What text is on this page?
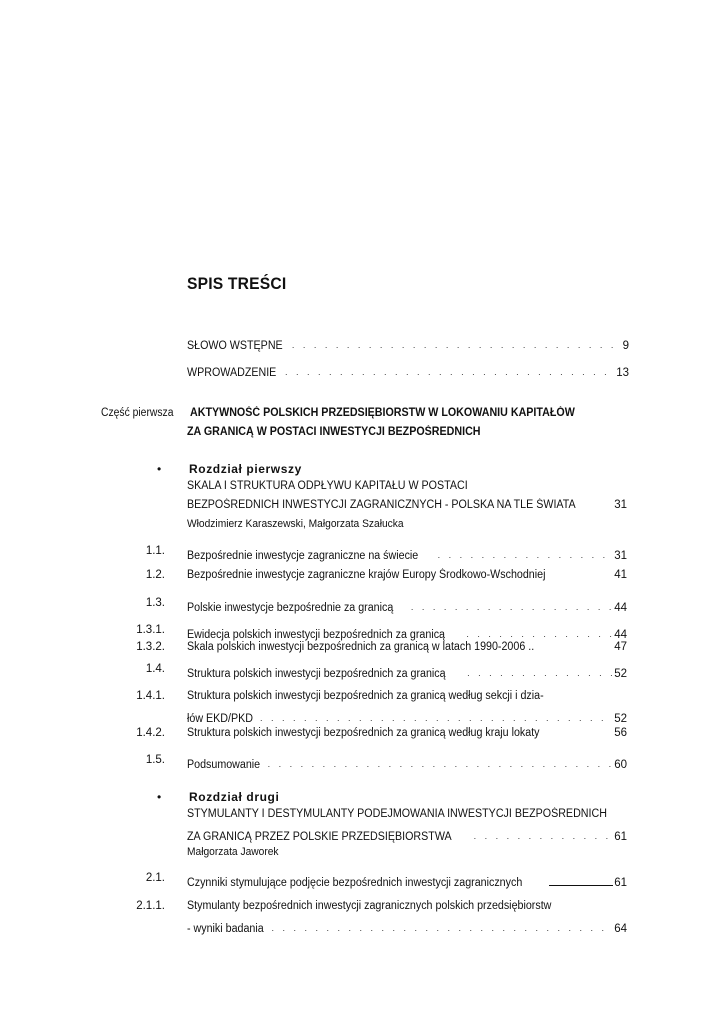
SPIS TREŚCI
SŁOWO WSTĘPNE . . .	9
WPROWADZENIE . . .	13
Część pierwsza AKTYWNOŚĆ POLSKICH PRZEDSIĘBIORSTW W LOKOWANIU KAPITAŁÓW
ZA GRANICĄ W POSTACI INWESTYCJI BEZPOŚREDNICH
• Rozdział pierwszy
SKALA I STRUKTURA ODPŁYWU KAPITAŁU W POSTACI
BEZPOŚREDNICH INWESTYCJI ZAGRANICZNYCH - POLSKA NA TLE ŚWIATA	31
Włodzimierz Karaszewski, Małgorzata Szałucka
1.1. Bezpośrednie inwestycje zagraniczne na świecie . . .	31
1.2. Bezpośrednie inwestycje zagraniczne krajów Europy Środkowo-Wschodniej	41
1.3. Polskie inwestycje bezpośrednie za granicą . . .	44
1.3.1. Ewidecja polskich inwestycji bezpośrednich za granicą . . .	44
1.3.2. Skala polskich inwestycji bezpośrednich za granicą w latach 1990-2006 ..	47
1.4. Struktura polskich inwestycji bezpośrednich za granicą . . .	52
1.4.1. Struktura polskich inwestycji bezpośrednich za granicą według sekcji i dzia-
łów EKD/PKD . . .	52
1.4.2. Struktura polskich inwestycji bezpośrednich za granicą według kraju lokaty	56
1.5. Podsumowanie . . .	60
• Rozdział drugi
STYMULANTY I DESTYMULANTY PODEJMOWANIA INWESTYCJI BEZPOŚREDNICH
ZA GRANICĄ PRZEZ POLSKIE PRZEDSIĘBIORSTWA . . .	61
Małgorzata Jaworek
2.1. Czynniki stymulujące podjęcie bezpośrednich inwestycji zagranicznych	61
2.1.1. Stymulanty bezpośrednich inwestycji zagranicznych polskich przedsiębiorstw
- wyniki badania . . .	64
